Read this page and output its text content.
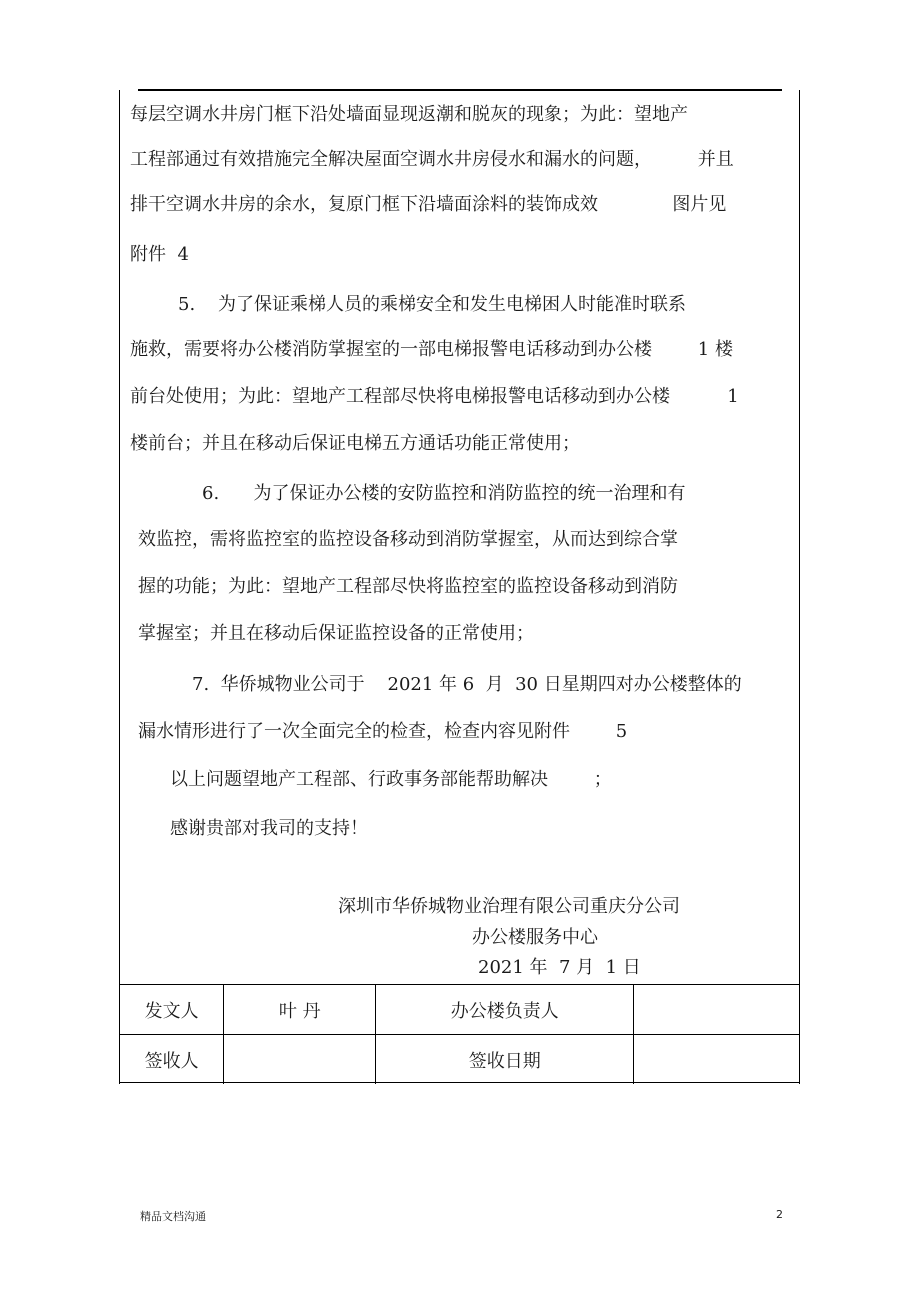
每层空调水井房门框下沿处墙面显现返潮和脱灰的现象；为此：望地产
工程部通过有效措施完全解决屋面空调水井房侵水和漏水的问题，        并且
排干空调水井房的余水，复原门框下沿墙面涂料的装饰成效             图片见
附件  4
5.    为了保证乘梯人员的乘梯安全和发生电梯困人时能准时联系
施救，需要将办公楼消防掌握室的一部电梯报警电话移动到办公楼        1 楼
前台处使用；为此：望地产工程部尽快将电梯报警电话移动到办公楼          1
楼前台；并且在移动后保证电梯五方通话功能正常使用；
6.      为了保证办公楼的安防监控和消防监控的统一治理和有
效监控，需将监控室的监控设备移动到消防掌握室，从而达到综合掌
握的功能；为此：望地产工程部尽快将监控室的监控设备移动到消防
掌握室；并且在移动后保证监控设备的正常使用；
7.  华侨城物业公司于    2021 年 6  月  30 日星期四对办公楼整体的
漏水情形进行了一次全面完全的检查，检查内容见附件        5
以上问题望地产工程部、行政事务部能帮助解决        ；
感谢贵部对我司的支持！
深圳市华侨城物业治理有限公司重庆分公司
办公楼服务中心
2021 年  7 月  1 日
发文人	叶 丹	办公楼负责人	
签收人		签收日期	
精品文档沟通	2
